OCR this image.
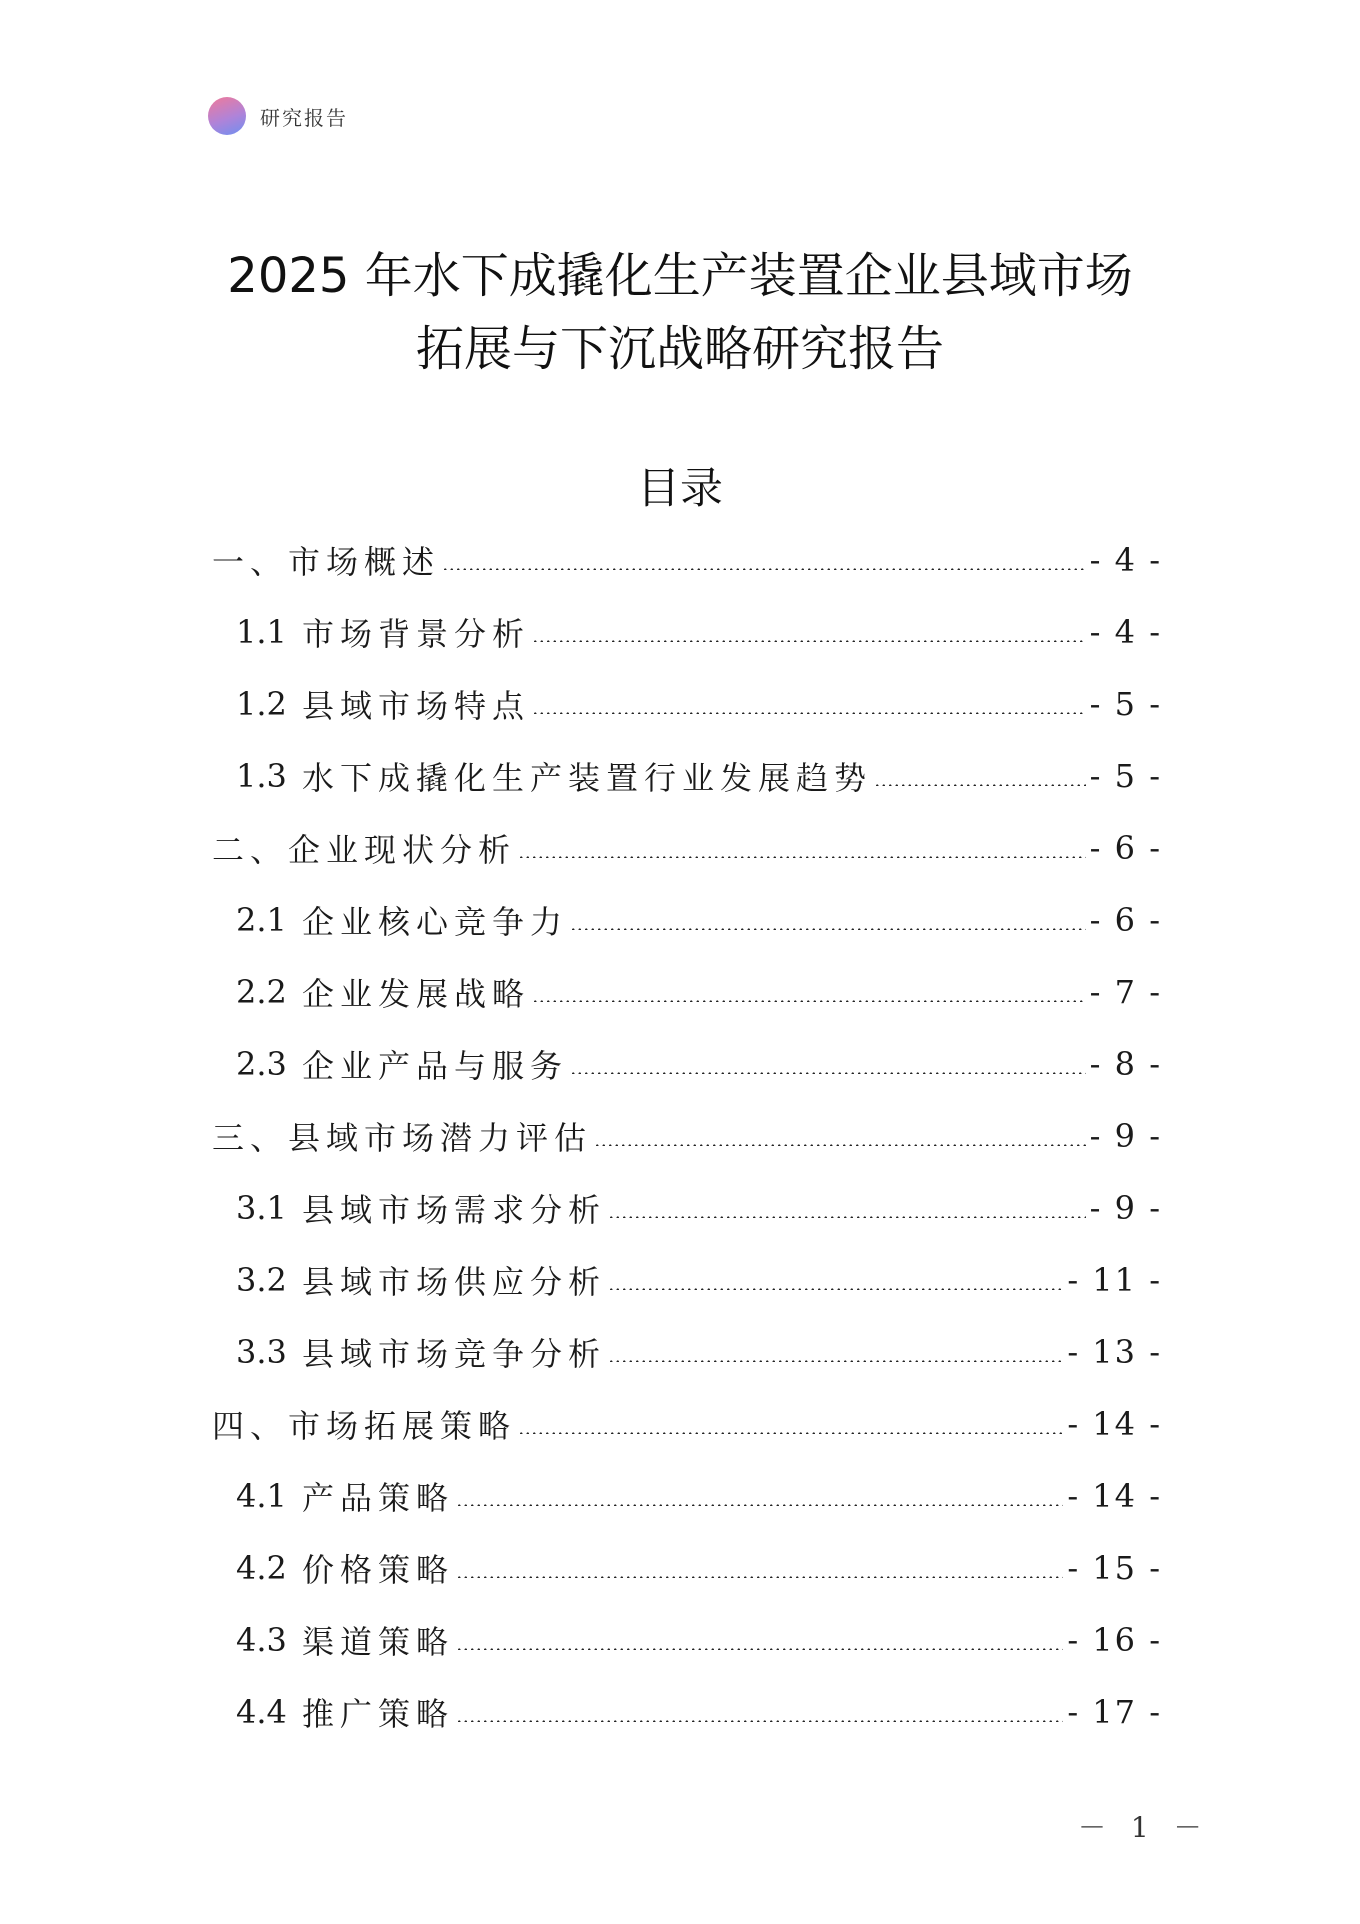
研究报告
2025 年水下成撬化生产装置企业县域市场
拓展与下沉战略研究报告
目录
一、市场概述	- 4 -
1.1 市场背景分析	- 4 -
1.2 县域市场特点	- 5 -
1.3 水下成撬化生产装置行业发展趋势	- 5 -
二、企业现状分析	- 6 -
2.1 企业核心竞争力	- 6 -
2.2 企业发展战略	- 7 -
2.3 企业产品与服务	- 8 -
三、县域市场潜力评估	- 9 -
3.1 县域市场需求分析	- 9 -
3.2 县域市场供应分析	- 11 -
3.3 县域市场竞争分析	- 13 -
四、市场拓展策略	- 14 -
4.1 产品策略	- 14 -
4.2 价格策略	- 15 -
4.3 渠道策略	- 16 -
4.4 推广策略	- 17 -
－ 1 －
